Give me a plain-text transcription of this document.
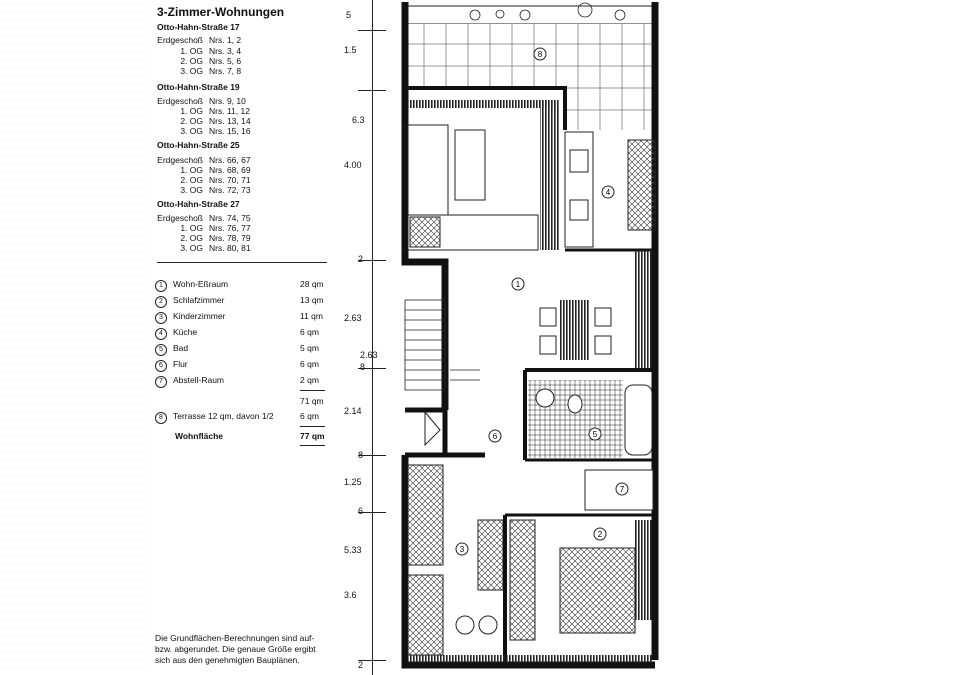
3-Zimmer-Wohnungen
Otto-Hahn-Straße 17
Erdgeschoß Nrs. 1, 2
1. OG Nrs. 3, 4
2. OG Nrs. 5, 6
3. OG Nrs. 7, 8
Otto-Hahn-Straße 19
Erdgeschoß Nrs. 9, 10
1. OG Nrs. 11, 12
2. OG Nrs. 13, 14
3. OG Nrs. 15, 16
Otto-Hahn-Straße 25
Erdgeschoß Nrs. 66, 67
1. OG Nrs. 68, 69
2. OG Nrs. 70, 71
3. OG Nrs. 72, 73
Otto-Hahn-Straße 27
Erdgeschoß Nrs. 74, 75
1. OG Nrs. 76, 77
2. OG Nrs. 78, 79
3. OG Nrs. 80, 81
1 Wohn-Eßraum	28 qm
2 Schlafzimmer	13 qm
3 Kinderzimmer	11 qm
4 Küche	6 qm
5 Bad	5 qm
6 Flur	6 qm
7 Abstell-Raum	2 qm
71 qm
8 Terrasse 12 qm, davon 1/2	6 qm
Wohnfläche	77 qm
Die Grundflächen-Berechnungen sind auf- bzw. abgerundet. Die genaue Größe ergibt sich aus den genehmigten Bauplänen.
5
1.5
6.3
4.00
2
2.63
2.63
8
2.14
8
1.25
6
5.33
3.6
2
8
4
1
5
6
7
2
3
